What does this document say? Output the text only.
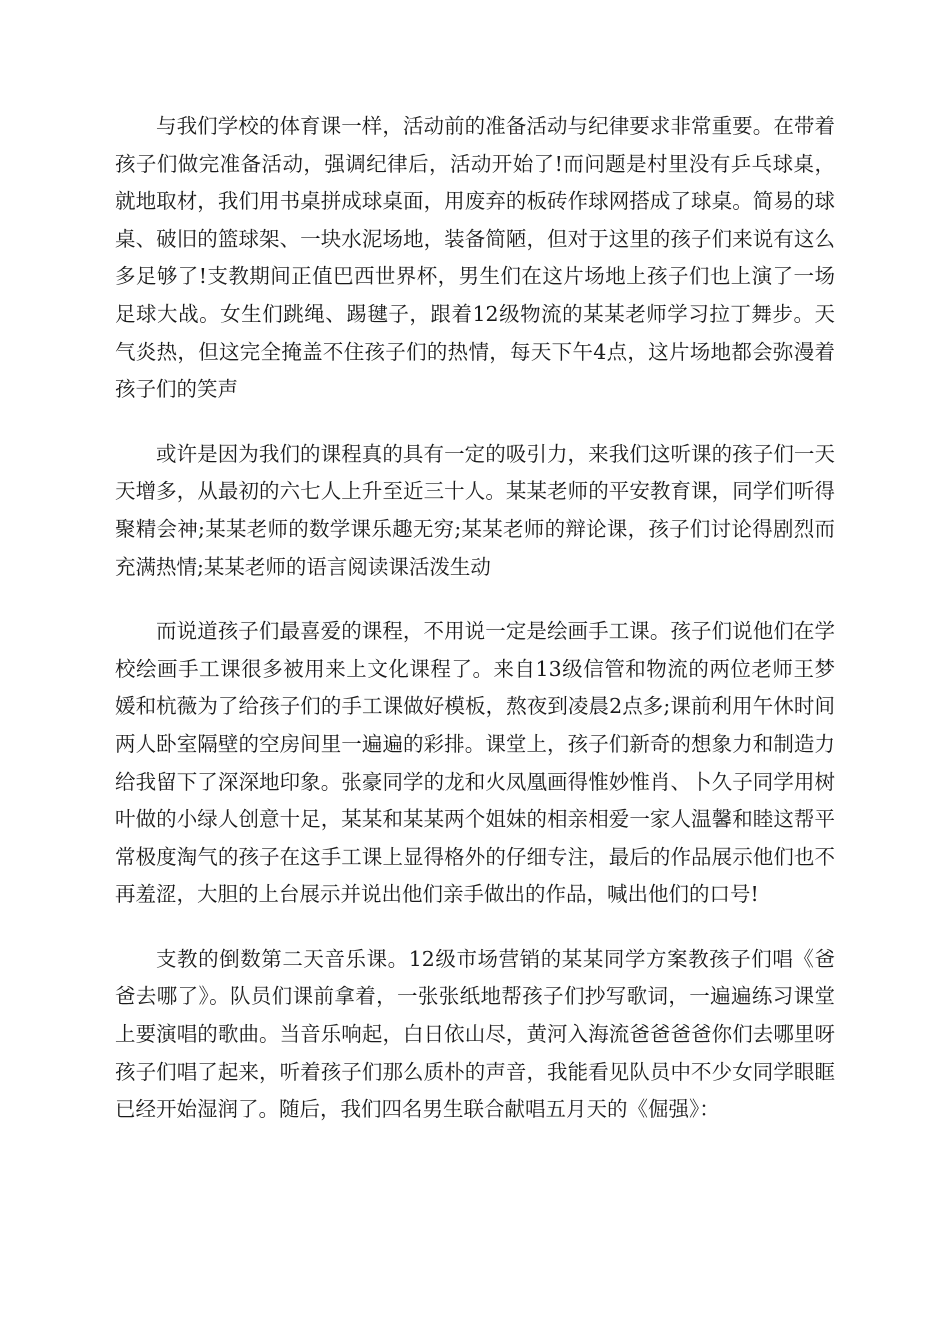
与我们学校的体育课一样，活动前的准备活动与纪律要求非常重要。在带着孩子们做完准备活动，强调纪律后，活动开始了!而问题是村里没有乒乓球桌，就地取材，我们用书桌拼成球桌面，用废弃的板砖作球网搭成了球桌。简易的球桌、破旧的篮球架、一块水泥场地，装备简陋，但对于这里的孩子们来说有这么多足够了!支教期间正值巴西世界杯，男生们在这片场地上孩子们也上演了一场足球大战。女生们跳绳、踢毽子，跟着12级物流的某某老师学习拉丁舞步。天气炎热，但这完全掩盖不住孩子们的热情，每天下午4点，这片场地都会弥漫着孩子们的笑声

或许是因为我们的课程真的具有一定的吸引力，来我们这听课的孩子们一天天增多，从最初的六七人上升至近三十人。某某老师的平安教育课，同学们听得聚精会神;某某老师的数学课乐趣无穷;某某老师的辩论课，孩子们讨论得剧烈而充满热情;某某老师的语言阅读课活泼生动

而说道孩子们最喜爱的课程，不用说一定是绘画手工课。孩子们说他们在学校绘画手工课很多被用来上文化课程了。来自13级信管和物流的两位老师王梦媛和杭薇为了给孩子们的手工课做好模板，熬夜到凌晨2点多;课前利用午休时间两人卧室隔壁的空房间里一遍遍的彩排。课堂上，孩子们新奇的想象力和制造力给我留下了深深地印象。张豪同学的龙和火凤凰画得惟妙惟肖、卜久子同学用树叶做的小绿人创意十足，某某和某某两个姐妹的相亲相爱一家人温馨和睦这帮平常极度淘气的孩子在这手工课上显得格外的仔细专注，最后的作品展示他们也不再羞涩，大胆的上台展示并说出他们亲手做出的作品，喊出他们的口号!

支教的倒数第二天音乐课。12级市场营销的某某同学方案教孩子们唱《爸爸去哪了》。队员们课前拿着，一张张纸地帮孩子们抄写歌词，一遍遍练习课堂上要演唱的歌曲。当音乐响起，白日依山尽，黄河入海流爸爸爸爸你们去哪里呀孩子们唱了起来，听着孩子们那么质朴的声音，我能看见队员中不少女同学眼眶已经开始湿润了。随后，我们四名男生联合献唱五月天的《倔强》：
